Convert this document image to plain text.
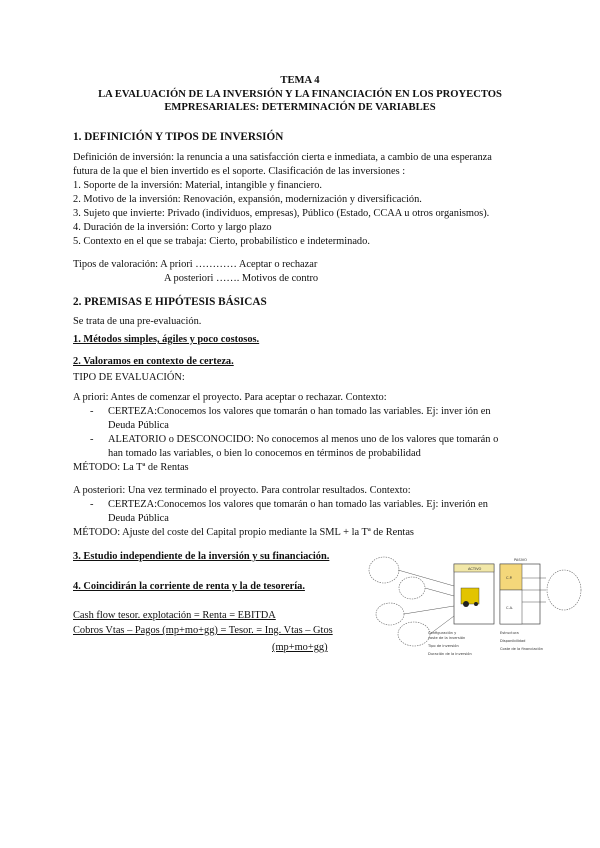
TEMA 4
LA EVALUACIÓN DE LA INVERSIÓN Y LA FINANCIACIÓN EN LOS PROYECTOS
EMPRESARIALES: DETERMINACIÓN DE VARIABLES
1. DEFINICIÓN Y TIPOS DE INVERSIÓN
Definición de inversión: la renuncia a una satisfacción cierta e inmediata, a cambio de una esperanza
futura de la que el bien invertido es el soporte. Clasificación de las inversiones :
1. Soporte de la inversión: Material, intangible y financiero.
2. Motivo de la inversión: Renovación, expansión, modernización y diversificación.
3. Sujeto que invierte: Privado (individuos, empresas), Público (Estado, CCAA u otros organismos).
4. Duración de la inversión: Corto y largo plazo
5. Contexto en el que se trabaja: Cierto, probabilístico e indeterminado.
Tipos de valoración: A priori ………… Aceptar o rechazar
A posteriori ……. Motivos de contro
2. PREMISAS E HIPÓTESIS BÁSICAS
Se trata de una pre-evaluación.
1. Métodos simples, ágiles y poco costosos.
2. Valoramos en contexto de certeza.
TIPO DE EVALUACIÓN:
A priori: Antes de comenzar el proyecto. Para aceptar o rechazar. Contexto:
- CERTEZA:Conocemos los valores que tomarán o han tomado las variables. Ej: inver ión en
Deuda Pública
- ALEATORIO o DESCONOCIDO: No conocemos al menos uno de los valores que tomarán o
han tomado las variables, o bien lo conocemos en términos de probabilidad
MÉTODO: La Tª de Rentas
A posteriori: Una vez terminado el proyecto. Para controlar resultados. Contexto:
- CERTEZA:Conocemos los valores que tomarán o han tomado las variables. Ej: inverión en
Deuda Pública
MÉTODO: Ajuste del coste del Capital propio mediante la SML + la Tª de Rentas
3. Estudio independiente de la inversión y su financiación.
4. Coincidirán la corriente de renta y la de tesorería.
Cash flow tesor. explotación = Renta = EBITDA
Cobros Vtas – Pagos (mp+mo+gg) = Tesor. = Ing. Vtas – Gtos
(mp+mo+gg)
ACTIVO
PASIVO
C.P.
C.A.
Configuración y
coste de la inversión
Tipo de inversión
Duración de la inversión
Estructura
Disponibilidad
Coste de la financiación
